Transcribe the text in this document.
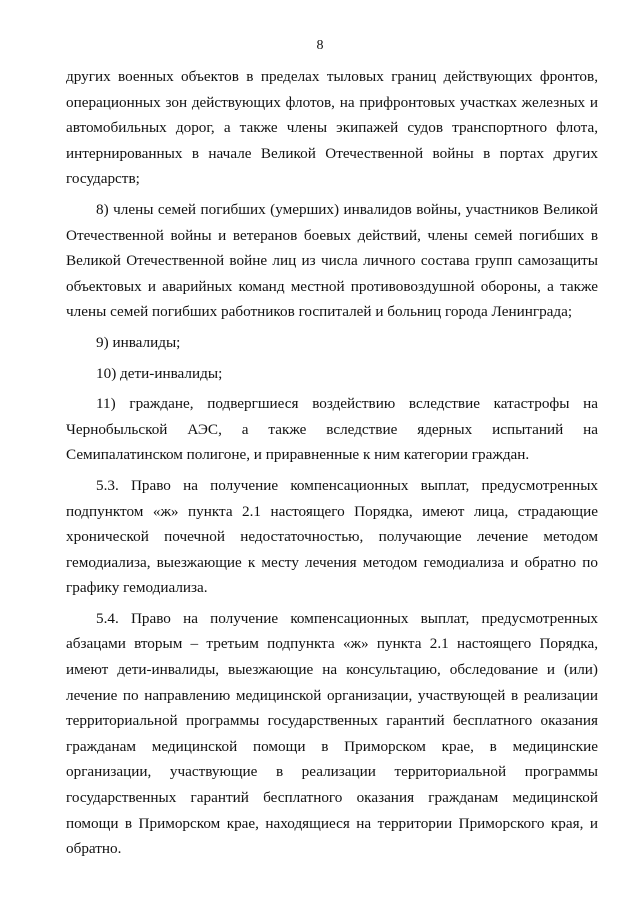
8

других военных объектов в пределах тыловых границ действующих фронтов, операционных зон действующих флотов, на прифронтовых участках железных и автомобильных дорог, а также члены экипажей судов транспортного флота, интернированных в начале Великой Отечественной войны в портах других государств;

8) члены семей погибших (умерших) инвалидов войны, участников Великой Отечественной войны и ветеранов боевых действий, члены семей погибших в Великой Отечественной войне лиц из числа личного состава групп самозащиты объектовых и аварийных команд местной противовоздушной обороны, а также члены семей погибших работников госпиталей и больниц города Ленинграда;

9) инвалиды;

10) дети-инвалиды;

11) граждане, подвергшиеся воздействию вследствие катастрофы на Чернобыльской АЭС, а также вследствие ядерных испытаний на Семипалатинском полигоне, и приравненные к ним категории граждан.

5.3. Право на получение компенсационных выплат, предусмотренных подпунктом «ж» пункта 2.1 настоящего Порядка, имеют лица, страдающие хронической почечной недостаточностью, получающие лечение методом гемодиализа, выезжающие к месту лечения методом гемодиализа и обратно по графику гемодиализа.

5.4. Право на получение компенсационных выплат, предусмотренных абзацами вторым – третьим подпункта «ж» пункта 2.1 настоящего Порядка, имеют дети-инвалиды, выезжающие на консультацию, обследование и (или) лечение по направлению медицинской организации, участвующей в реализации территориальной программы государственных гарантий бесплатного оказания гражданам медицинской помощи в Приморском крае, в медицинские организации, участвующие в реализации территориальной программы государственных гарантий бесплатного оказания гражданам медицинской помощи в Приморском крае, находящиеся на территории Приморского края, и обратно.
